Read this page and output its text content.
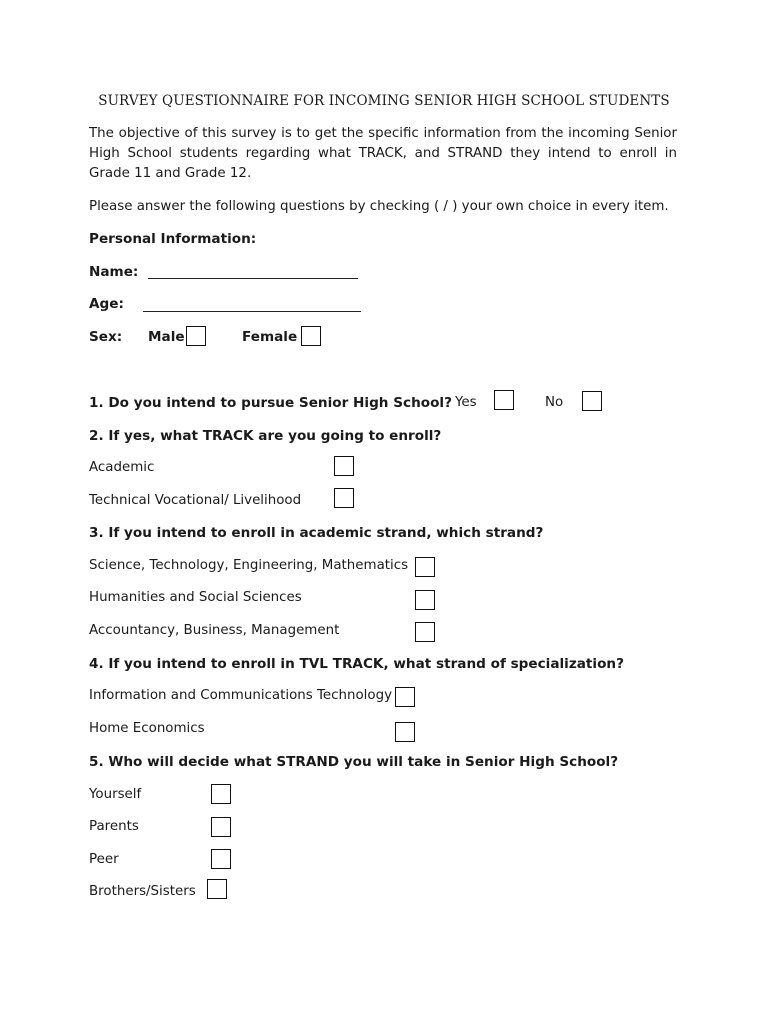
SURVEY QUESTIONNAIRE FOR INCOMING SENIOR HIGH SCHOOL STUDENTS
The objective of this survey is to get the specific information from the incoming Senior High School students regarding what TRACK, and STRAND they intend to enroll in Grade 11 and Grade 12.
Please answer the following questions by checking ( / ) your own choice in every item.
Personal Information:
Name:
Age:
Sex: Male	Female
1. Do you intend to pursue Senior High School? Yes	No
2. If yes, what TRACK are you going to enroll?
Academic
Technical Vocational/ Livelihood
3. If you intend to enroll in academic strand, which strand?
Science, Technology, Engineering, Mathematics
Humanities and Social Sciences
Accountancy, Business, Management
4. If you intend to enroll in TVL TRACK, what strand of specialization?
Information and Communications Technology
Home Economics
5. Who will decide what STRAND you will take in Senior High School?
Yourself
Parents
Peer
Brothers/Sisters
